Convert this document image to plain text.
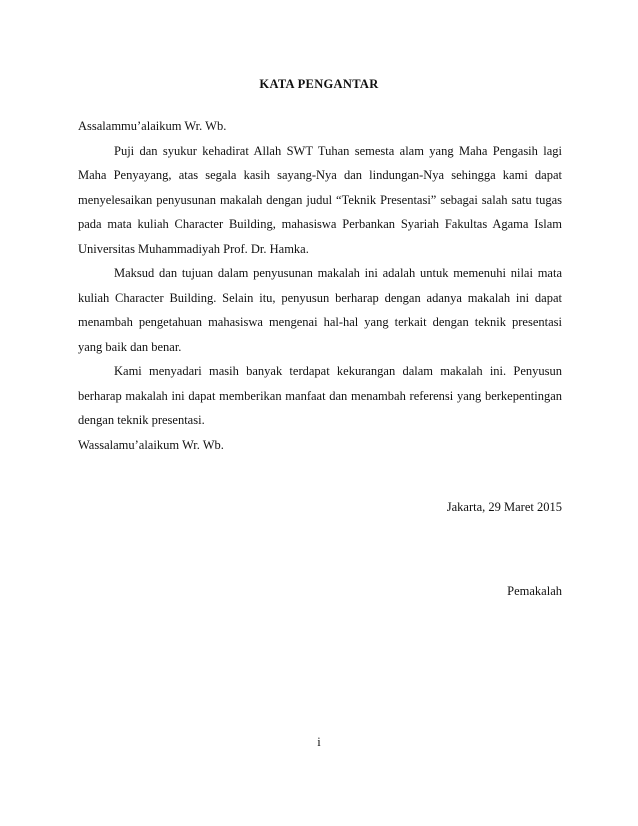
KATA PENGANTAR

Assalammu’alaikum Wr. Wb.

Puji dan syukur kehadirat Allah SWT Tuhan semesta alam yang Maha Pengasih lagi Maha Penyayang, atas segala kasih sayang-Nya dan lindungan-Nya sehingga kami dapat menyelesaikan penyusunan makalah dengan judul “Teknik Presentasi” sebagai salah satu tugas pada mata kuliah Character Building, mahasiswa Perbankan Syariah Fakultas Agama Islam Universitas Muhammadiyah Prof. Dr. Hamka.

Maksud dan tujuan dalam penyusunan makalah ini adalah untuk memenuhi nilai mata kuliah Character Building. Selain itu, penyusun berharap dengan adanya makalah ini dapat menambah pengetahuan mahasiswa mengenai hal-hal yang terkait dengan teknik presentasi yang baik dan benar.

Kami menyadari masih banyak terdapat kekurangan dalam makalah ini. Penyusun berharap makalah ini dapat memberikan manfaat dan menambah referensi yang berkepentingan dengan teknik presentasi.

Wassalamu’alaikum Wr. Wb.

Jakarta, 29 Maret 2015
Pemakalah
i
